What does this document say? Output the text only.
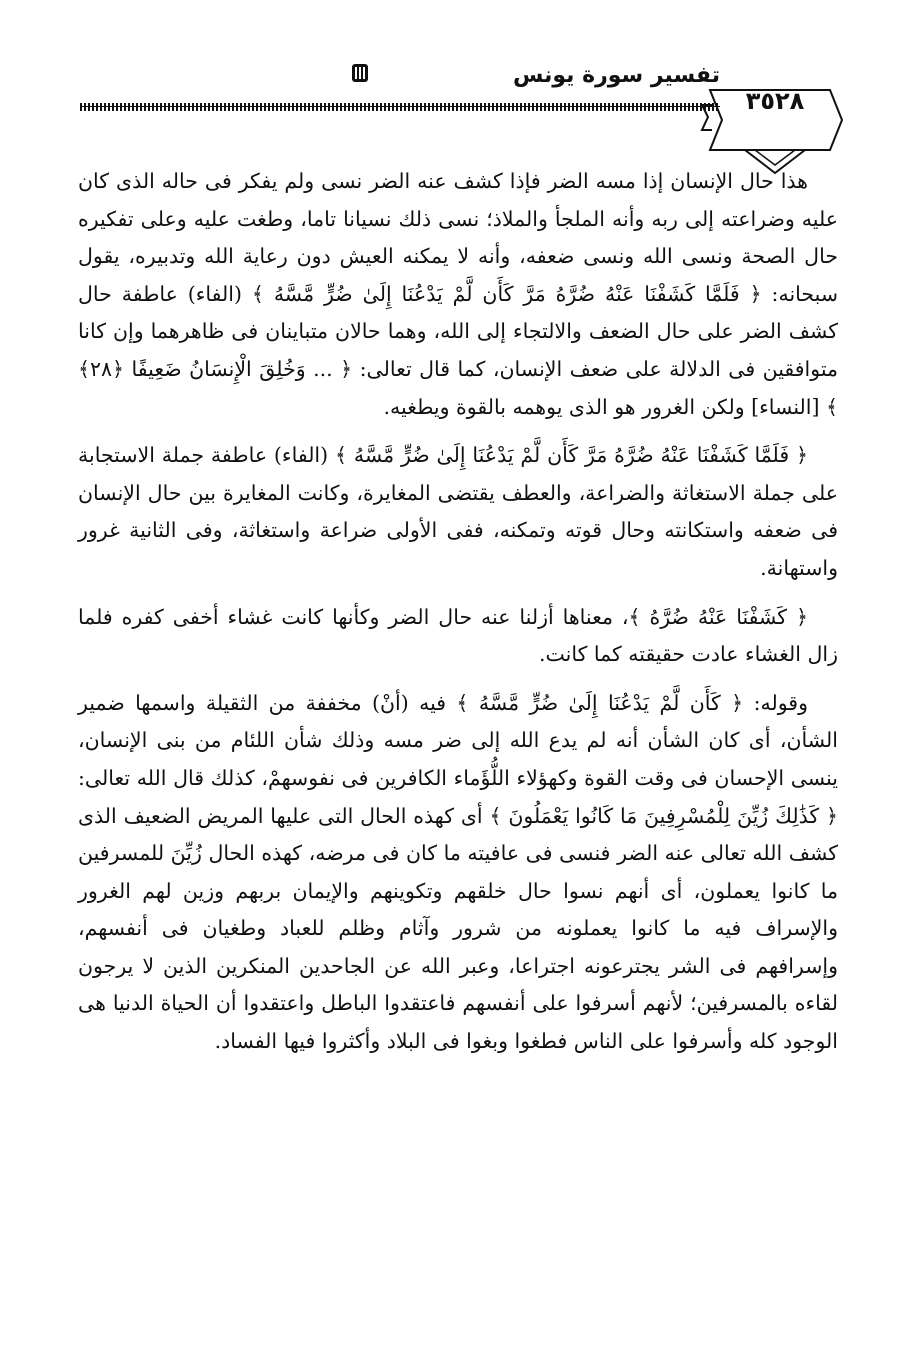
تفسير سورة يونس
٣٥٢٨

هذا حال الإنسان إذا مسه الضر فإذا كشف عنه الضر نسى ولم يفكر فى حاله الذى كان عليه وضراعته إلى ربه وأنه الملجأ والملاذ؛ نسى ذلك نسيانا تاما، وطغت عليه وعلى تفكيره حال الصحة ونسى الله ونسى ضعفه، وأنه لا يمكنه العيش دون رعاية الله وتدبيره، يقول سبحانه: ﴿ فَلَمَّا كَشَفْنَا عَنْهُ ضُرَّهُ مَرَّ كَأَن لَّمْ يَدْعُنَا إِلَىٰ ضُرٍّ مَّسَّهُ ﴾ (الفاء) عاطفة حال كشف الضر على حال الضعف والالتجاء إلى الله، وهما حالان متباينان فى ظاهرهما وإن كانا متوافقين فى الدلالة على ضعف الإنسان، كما قال تعالى: ﴿ ... وَخُلِقَ الْإِنسَانُ ضَعِيفًا ﴿٢٨﴾ ﴾ [النساء] ولكن الغرور هو الذى يوهمه بالقوة ويطغيه.

﴿ فَلَمَّا كَشَفْنَا عَنْهُ ضُرَّهُ مَرَّ كَأَن لَّمْ يَدْعُنَا إِلَىٰ ضُرٍّ مَّسَّهُ ﴾ (الفاء) عاطفة جملة الاستجابة على جملة الاستغاثة والضراعة، والعطف يقتضى المغايرة، وكانت المغايرة بين حال الإنسان فى ضعفه واستكانته وحال قوته وتمكنه، ففى الأولى ضراعة واستغاثة، وفى الثانية غرور واستهانة.

﴿ كَشَفْنَا عَنْهُ ضُرَّهُ ﴾، معناها أزلنا عنه حال الضر وكأنها كانت غشاء أخفى كفره فلما زال الغشاء عادت حقيقته كما كانت.

وقوله: ﴿ كَأَن لَّمْ يَدْعُنَا إِلَىٰ ضُرٍّ مَّسَّهُ ﴾ فيه (أنْ) مخففة من الثقيلة واسمها ضمير الشأن، أى كان الشأن أنه لم يدع الله إلى ضر مسه وذلك شأن اللئام من بنى الإنسان، ينسى الإحسان فى وقت القوة وكهؤلاء اللُّؤَماء الكافرين فى نفوسهمْ، كذلك قال الله تعالى: ﴿ كَذَٰلِكَ زُيِّنَ لِلْمُسْرِفِينَ مَا كَانُوا يَعْمَلُونَ ﴾ أى كهذه الحال التى عليها المريض الضعيف الذى كشف الله تعالى عنه الضر فنسى فى عافيته ما كان فى مرضه، كهذه الحال زُيِّنَ للمسرفين ما كانوا يعملون، أى أنهم نسوا حال خلقهم وتكوينهم والإيمان بربهم وزين لهم الغرور والإسراف فيه ما كانوا يعملونه من شرور وآثام وظلم للعباد وطغيان فى أنفسهم، وإسرافهم فى الشر يجترعونه اجتراعا، وعبر الله عن الجاحدين المنكرين الذين لا يرجون لقاءه بالمسرفين؛ لأنهم أسرفوا على أنفسهم فاعتقدوا الباطل واعتقدوا أن الحياة الدنيا هى الوجود كله وأسرفوا على الناس فطغوا وبغوا فى البلاد وأكثروا فيها الفساد.
